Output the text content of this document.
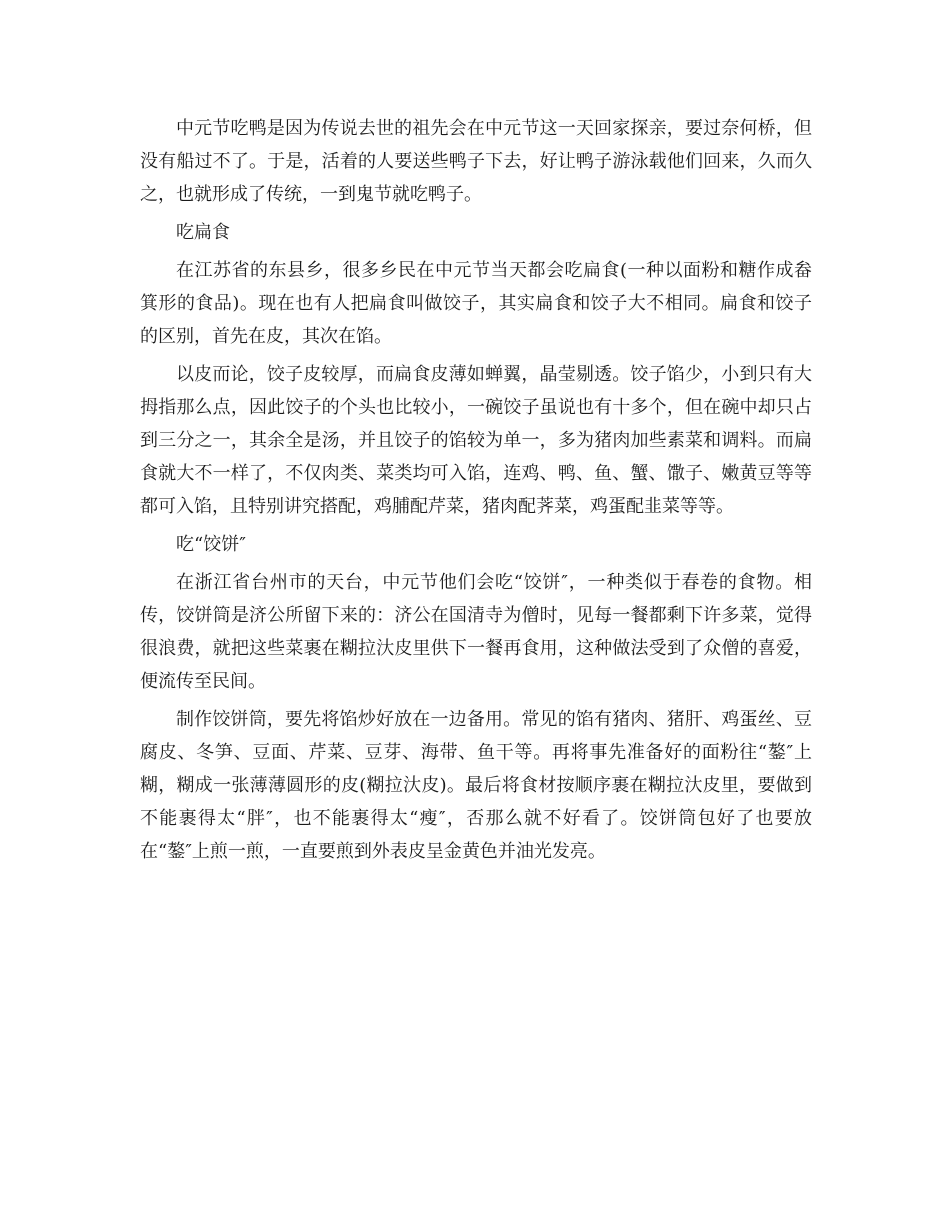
中元节吃鸭是因为传说去世的祖先会在中元节这一天回家探亲，要过奈何桥，但没有船过不了。于是，活着的人要送些鸭子下去，好让鸭子游泳载他们回来，久而久之，也就形成了传统，一到鬼节就吃鸭子。

吃扁食

在江苏省的东县乡，很多乡民在中元节当天都会吃扁食(一种以面粉和糖作成畚箕形的食品)。现在也有人把扁食叫做饺子，其实扁食和饺子大不相同。扁食和饺子的区别，首先在皮，其次在馅。

以皮而论，饺子皮较厚，而扁食皮薄如蝉翼，晶莹剔透。饺子馅少，小到只有大拇指那么点，因此饺子的个头也比较小，一碗饺子虽说也有十多个，但在碗中却只占到三分之一，其余全是汤，并且饺子的馅较为单一，多为猪肉加些素菜和调料。而扁食就大不一样了，不仅肉类、菜类均可入馅，连鸡、鸭、鱼、蟹、馓子、嫩黄豆等等都可入馅，且特别讲究搭配，鸡脯配芹菜，猪肉配荠菜，鸡蛋配韭菜等等。

吃“饺饼″

在浙江省台州市的天台，中元节他们会吃“饺饼″，一种类似于春卷的食物。相传，饺饼筒是济公所留下来的：济公在国清寺为僧时，见每一餐都剩下许多菜，觉得很浪费，就把这些菜裹在糊拉汏皮里供下一餐再食用，这种做法受到了众僧的喜爱，便流传至民间。

制作饺饼筒，要先将馅炒好放在一边备用。常见的馅有猪肉、猪肝、鸡蛋丝、豆腐皮、冬笋、豆面、芹菜、豆芽、海带、鱼干等。再将事先准备好的面粉往“鏊″上糊，糊成一张薄薄圆形的皮(糊拉汏皮)。最后将食材按顺序裹在糊拉汏皮里，要做到不能裹得太“胖″，也不能裹得太“瘦″，否那么就不好看了。饺饼筒包好了也要放在“鏊″上煎一煎，一直要煎到外表皮呈金黄色并油光发亮。
